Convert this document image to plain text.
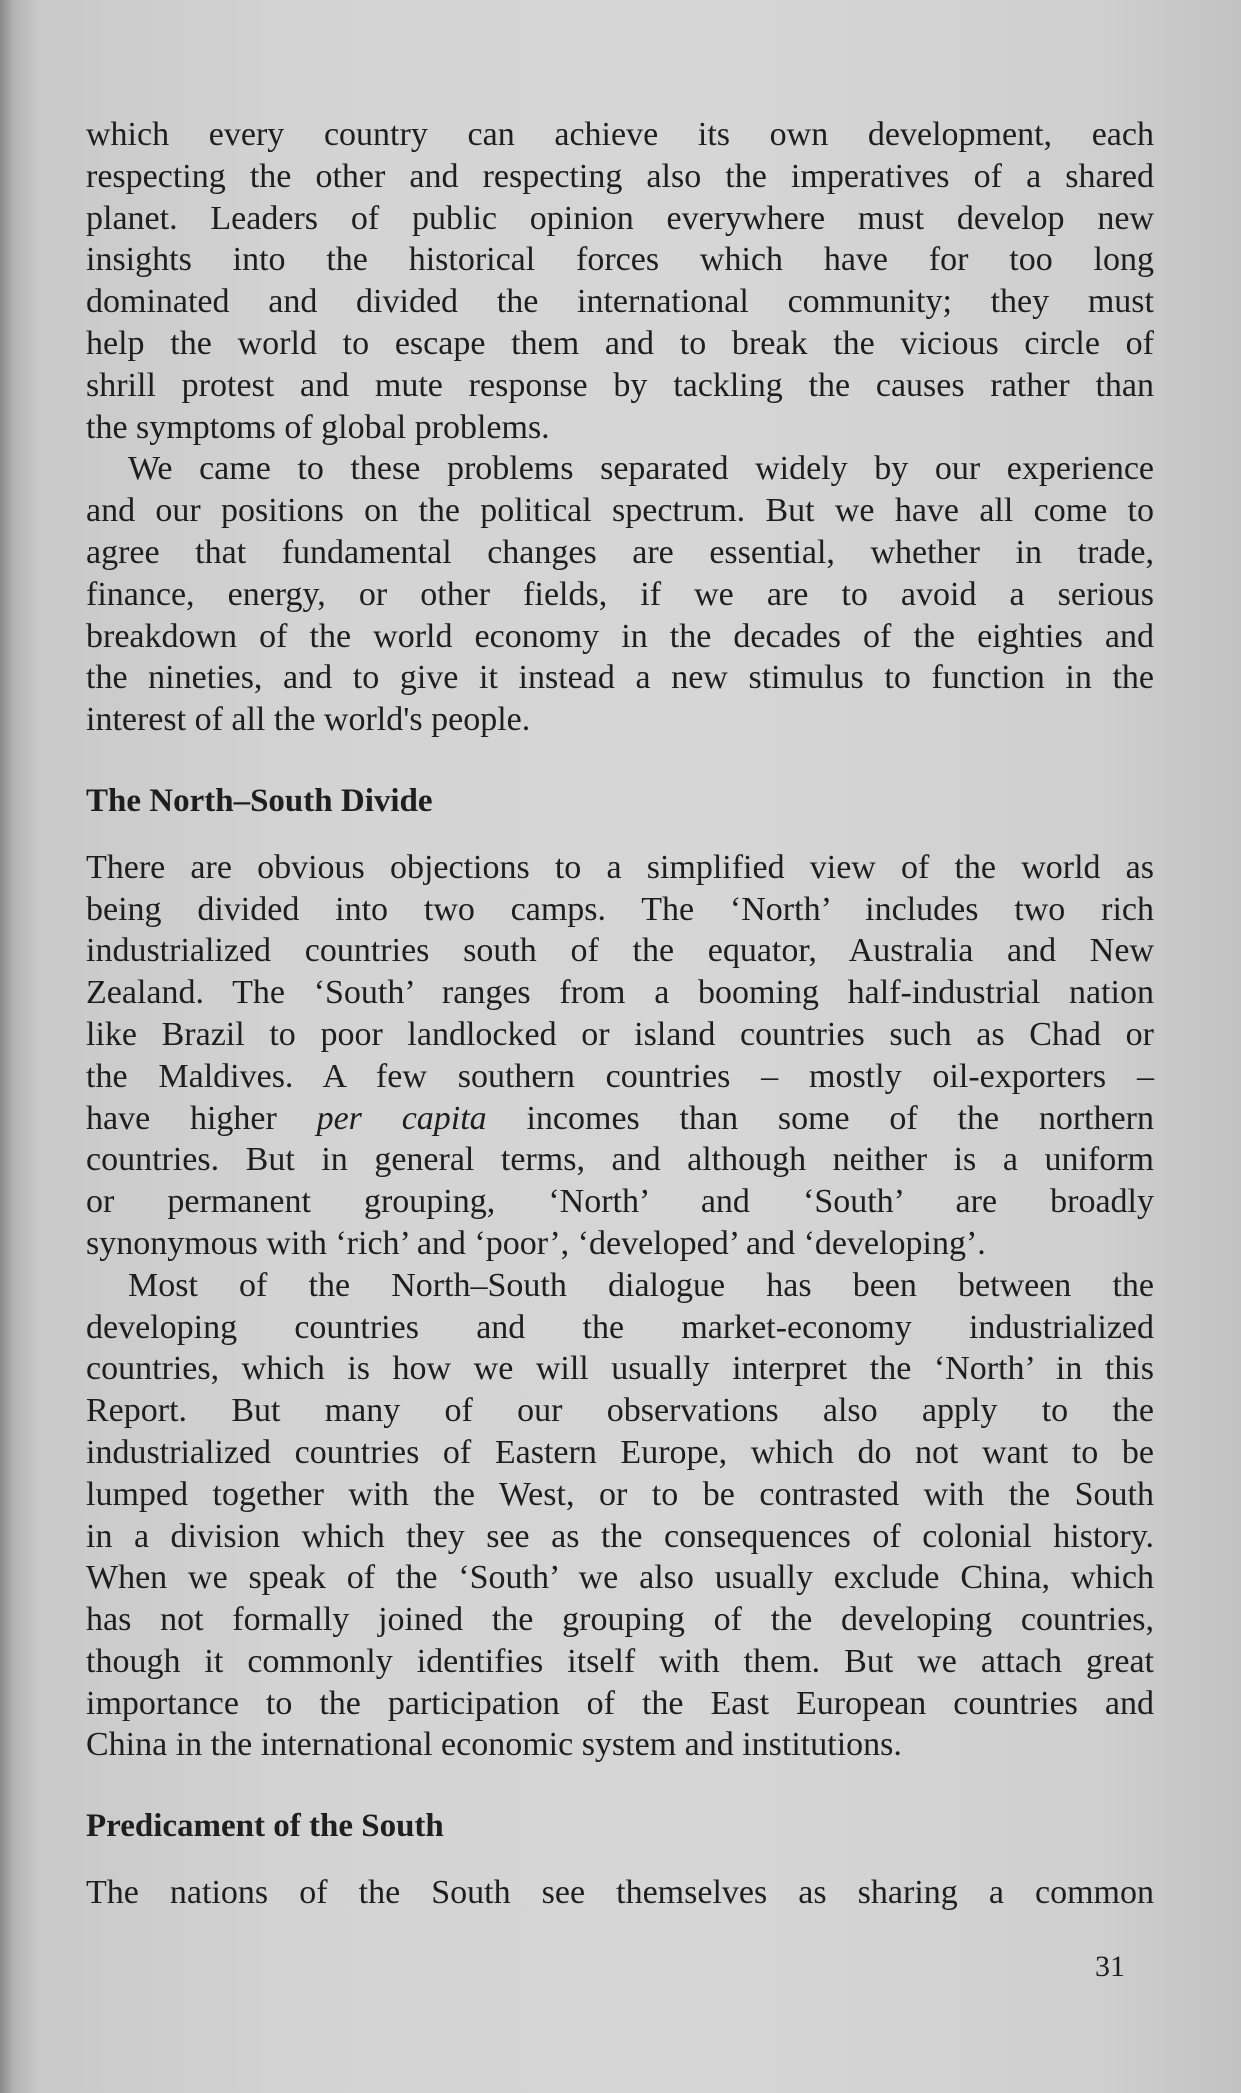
which every country can achieve its own development, each
respecting the other and respecting also the imperatives of a shared
planet. Leaders of public opinion everywhere must develop new
insights into the historical forces which have for too long
dominated and divided the international community; they must
help the world to escape them and to break the vicious circle of
shrill protest and mute response by tackling the causes rather than
the symptoms of global problems.
We came to these problems separated widely by our experience
and our positions on the political spectrum. But we have all come to
agree that fundamental changes are essential, whether in trade,
finance, energy, or other fields, if we are to avoid a serious
breakdown of the world economy in the decades of the eighties and
the nineties, and to give it instead a new stimulus to function in the
interest of all the world's people.
The North–South Divide
There are obvious objections to a simplified view of the world as
being divided into two camps. The ‘North’ includes two rich
industrialized countries south of the equator, Australia and New
Zealand. The ‘South’ ranges from a booming half-industrial nation
like Brazil to poor landlocked or island countries such as Chad or
the Maldives. A few southern countries – mostly oil-exporters –
have higher per capita incomes than some of the northern
countries. But in general terms, and although neither is a uniform
or permanent grouping, ‘North’ and ‘South’ are broadly
synonymous with ‘rich’ and ‘poor’, ‘developed’ and ‘developing’.
Most of the North–South dialogue has been between the
developing countries and the market-economy industrialized
countries, which is how we will usually interpret the ‘North’ in this
Report. But many of our observations also apply to the
industrialized countries of Eastern Europe, which do not want to be
lumped together with the West, or to be contrasted with the South
in a division which they see as the consequences of colonial history.
When we speak of the ‘South’ we also usually exclude China, which
has not formally joined the grouping of the developing countries,
though it commonly identifies itself with them. But we attach great
importance to the participation of the East European countries and
China in the international economic system and institutions.
Predicament of the South
The nations of the South see themselves as sharing a common
31
